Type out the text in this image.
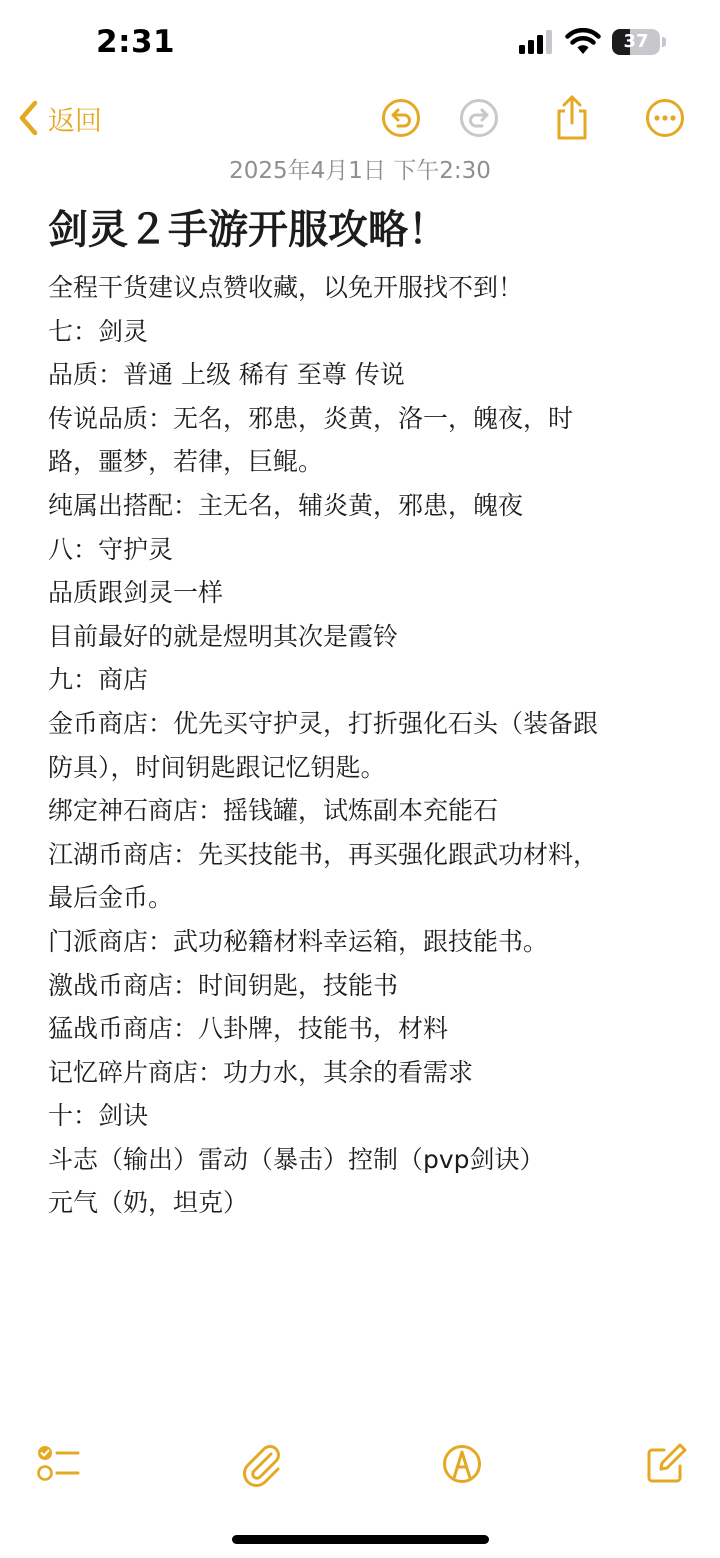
2:31	37
返回
2025年4月1日 下午2:30
剑灵２手游开服攻略！
全程干货建议点赞收藏，以免开服找不到！
七：剑灵
品质：普通 上级 稀有 至尊 传说
传说品质：无名，邪患，炎黄，洛一，魄夜，时
路，噩梦，若律，巨鲲。
纯属出搭配：主无名，辅炎黄，邪患，魄夜
八：守护灵
品质跟剑灵一样
目前最好的就是煜明其次是霞铃
九：商店
金币商店：优先买守护灵，打折强化石头（装备跟
防具），时间钥匙跟记忆钥匙。
绑定神石商店：摇钱罐，试炼副本充能石
江湖币商店：先买技能书，再买强化跟武功材料，
最后金币。
门派商店：武功秘籍材料幸运箱，跟技能书。
激战币商店：时间钥匙，技能书
猛战币商店：八卦牌，技能书，材料
记忆碎片商店：功力水，其余的看需求
十：剑诀
斗志（输出）雷动（暴击）控制（pvp剑诀）
元气（奶，坦克）
